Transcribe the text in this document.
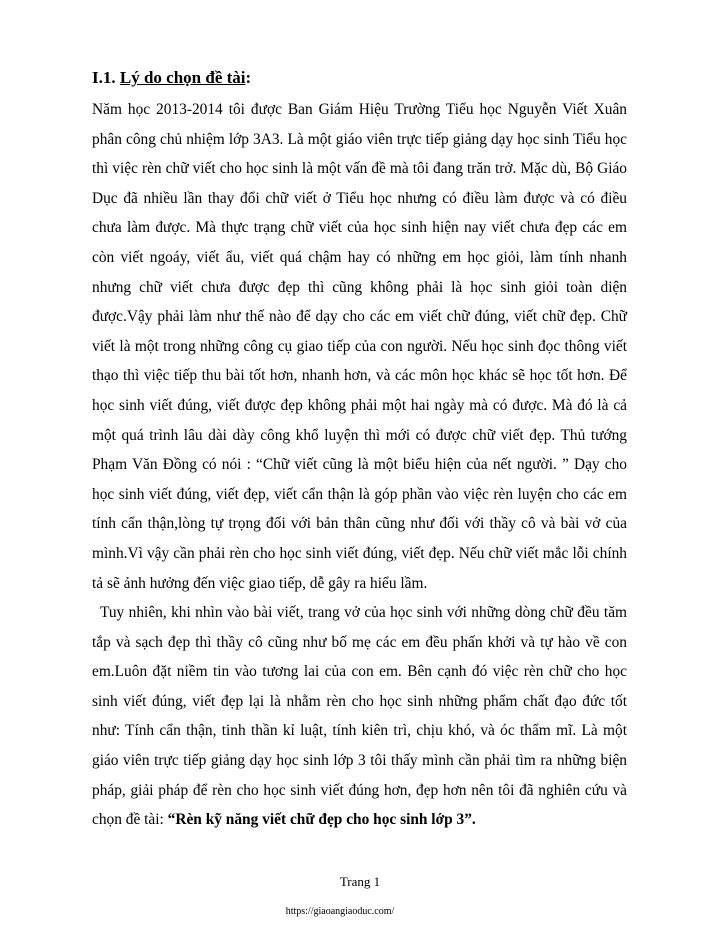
I.1. Lý do chọn đề tài:

Năm học 2013-2014 tôi được Ban Giám Hiệu Trường Tiểu học Nguyễn Viết Xuân phân công chủ nhiệm lớp 3A3. Là một giáo viên trực tiếp giảng dạy học sinh Tiểu học thì việc rèn chữ viết cho học sinh là một vấn đề mà tôi đang trăn trở. Mặc dù, Bộ Giáo Dục đã nhiều lần thay đổi chữ viết ở Tiểu học nhưng có điều làm được và có điều chưa làm được. Mà thực trạng chữ viết của học sinh hiện nay viết chưa đẹp các em còn viết ngoáy, viết ẩu, viết quá chậm hay có những em học giỏi, làm tính nhanh nhưng chữ viết chưa được đẹp thì cũng không phải là học sinh giỏi toàn diện được.Vậy phải làm như thế nào để dạy cho các em viết chữ đúng, viết chữ đẹp. Chữ viết là một trong những công cụ giao tiếp của con người. Nếu học sinh đọc thông viết thạo thì việc tiếp thu bài tốt hơn, nhanh hơn, và các môn học khác sẽ học tốt hơn. Để học sinh viết đúng, viết được đẹp không phải một hai ngày mà có được. Mà đó là cả một quá trình lâu dài dày công khổ luyện thì mới có được chữ viết đẹp. Thủ tướng Phạm Văn Đồng có nói : “Chữ viết cũng là một biểu hiện của nết người. ” Dạy cho học sinh viết đúng, viết đẹp, viết cẩn thận là góp phần vào việc rèn luyện cho các em tính cẩn thận,lòng tự trọng đối với bản thân cũng như đối với thầy cô và bài vở của mình.Vì vậy cần phải rèn cho học sinh viết đúng, viết đẹp. Nếu chữ viết mắc lỗi chính tả sẽ ảnh hưởng đến việc giao tiếp, dễ gây ra hiểu lầm.

Tuy nhiên, khi nhìn vào bài viết, trang vở của học sinh với những dòng chữ đều tăm tắp và sạch đẹp thì thầy cô cũng như bố mẹ các em đều phấn khởi và tự hào về con em.Luôn đặt niềm tin vào tương lai của con em. Bên cạnh đó việc rèn chữ cho học sinh viết đúng, viết đẹp lại là nhằm rèn cho học sinh những phẩm chất đạo đức tốt như: Tính cẩn thận, tinh thần kỉ luật, tính kiên trì, chịu khó, và óc thẩm mĩ. Là một giáo viên trực tiếp giảng dạy học sinh lớp 3 tôi thấy mình cần phải tìm ra những biện pháp, giải pháp để rèn cho học sinh viết đúng hơn, đẹp hơn nên tôi đã nghiên cứu và chọn đề tài: “Rèn kỹ năng viết chữ đẹp cho học sinh lớp 3”.

Trang 1
https://giaoangiaoduc.com/
